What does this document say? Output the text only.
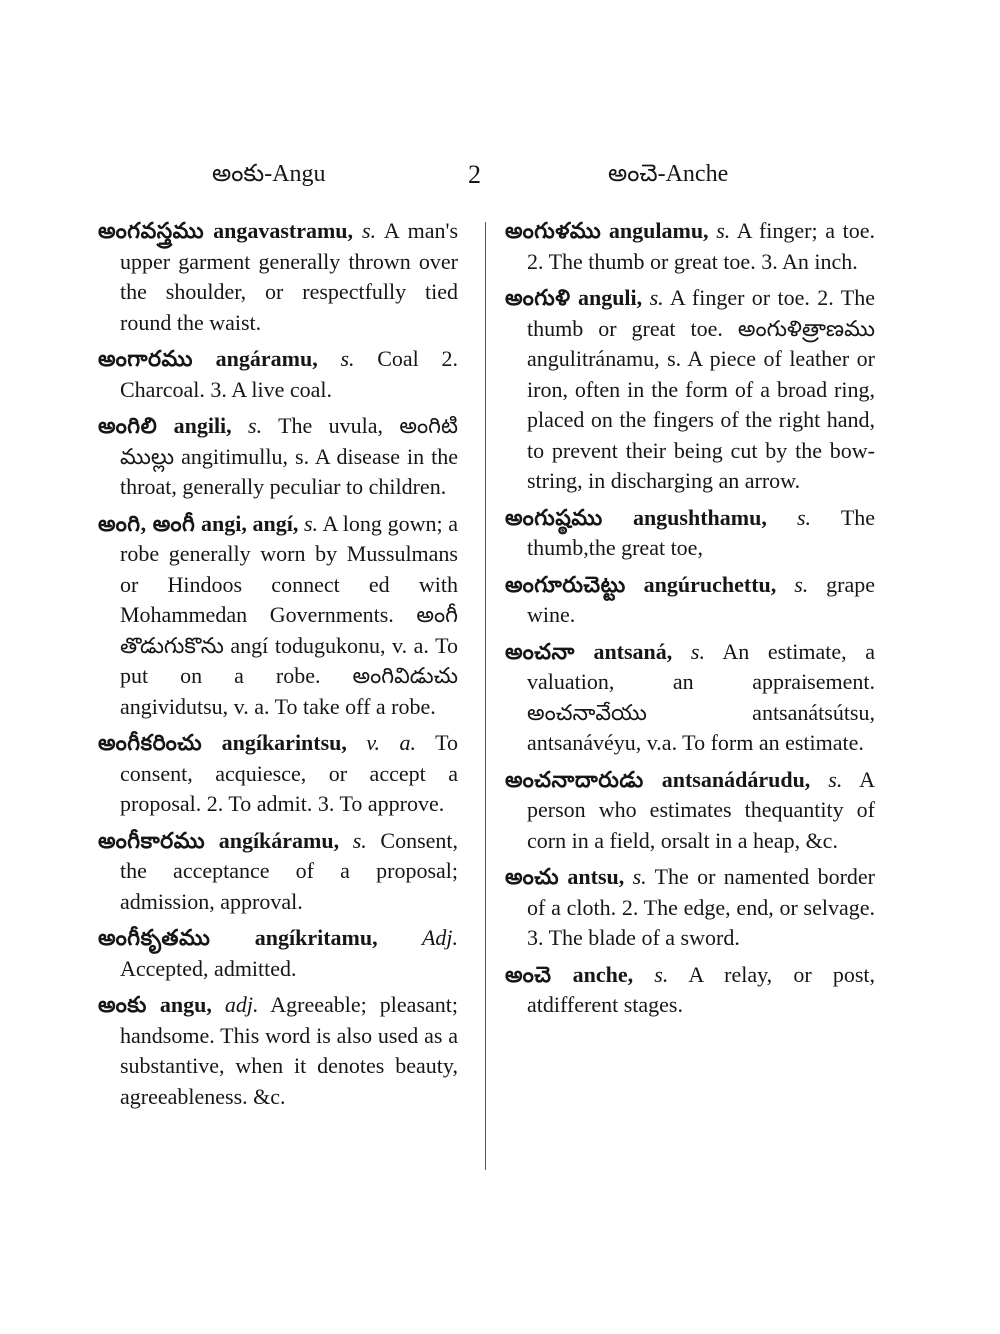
అంకు-Angu	2	అంచె-Anche

అంగవస్త్రము angavastramu, s. A man's upper garment generally thrown over the shoulder, or respectfully tied round the waist.

అంగారము angáramu, s. Coal 2. Charcoal. 3. A live coal.

అంగిలి angili, s. The uvula, అంగిటి ముల్లు angitimullu, s. A disease in the throat, generally peculiar to children.

అంగి, అంగీ angi, angí, s. A long gown; a robe generally worn by Mussulmans or Hindoos connect ed with Mohammedan Governments. అంగీ తొడుగుకొను angí todugukonu, v. a. To put on a robe. అంగివిడుచు angividutsu, v. a. To take off a robe.

అంగీకరించు angíkarintsu, v. a. To consent, acquiesce, or accept a proposal. 2. To admit. 3. To approve.

అంగీకారము angíkáramu, s. Consent, the acceptance of a proposal; admission, approval.

అంగీకృతము angíkritamu, Adj. Accepted, admitted.

అంకు angu, adj. Agreeable; pleasant; handsome. This word is also used as a substantive, when it denotes beauty, agreeableness. &c.

అంగుళము angulamu, s. A finger; a toe. 2. The thumb or great toe. 3. An inch.

అంగుళి anguli, s. A finger or toe. 2. The thumb or great toe. అంగుళిత్రాణము angulitránamu, s. A piece of leather or iron, often in the form of a broad ring, placed on the fingers of the right hand, to prevent their being cut by the bow-string, in discharging an arrow.

అంగుష్ఠము angushthamu, s. The thumb,the great toe,

అంగూరుచెట్టు angúruchettu, s. grape wine.

అంచనా antsaná, s. An estimate, a valuation, an appraisement. అంచనావేయు antsanátsútsu, antsanávéyu, v.a. To form an estimate.

అంచనాదారుడు antsanádárudu, s. A person who estimates thequantity of corn in a field, orsalt in a heap, &c.

అంచు antsu, s. The or namented border of a cloth. 2. The edge, end, or selvage. 3. The blade of a sword.

అంచె anche, s. A relay, or post, atdifferent stages.
